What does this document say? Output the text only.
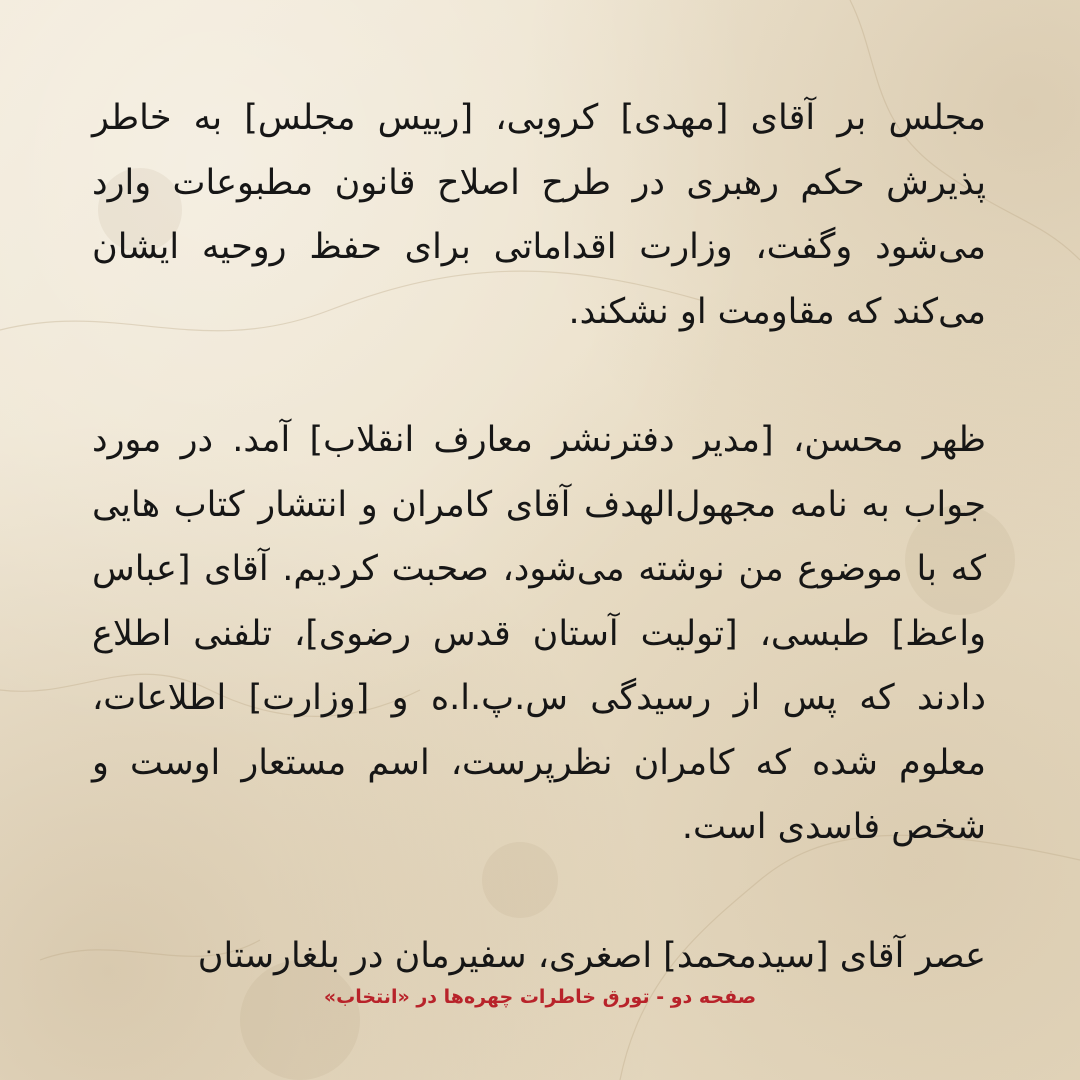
مجلس بر آقای [مهدی] کروبی، [رییس مجلس] به خاطر پذیرش حکم رهبری در طرح اصلاح قانون مطبوعات وارد می‌شود وگفت، وزارت اقداماتی برای حفظ روحیه ایشان می‌کند که مقاومت او نشکند.

ظهر محسن، [مدیر دفترنشر معارف انقلاب] آمد. در مورد جواب به نامه مجهول‌الهدف آقای کامران و انتشار کتاب هایی که با موضوع من نوشته می‌شود، صحبت کردیم. آقای [عباس واعظ] طبسی، [تولیت آستان قدس رضوی]، تلفنی اطلاع دادند که پس از رسیدگی س.پ.ا.ه و [وزارت] اطلاعات، معلوم شده که کامران نظرپرست، اسم مستعار اوست و شخص فاسدی است.

عصر آقای [سیدمحمد] اصغری، سفیرمان در بلغارستان

صفحه دو - تورق خاطرات چهره‌ها در «انتخاب»
